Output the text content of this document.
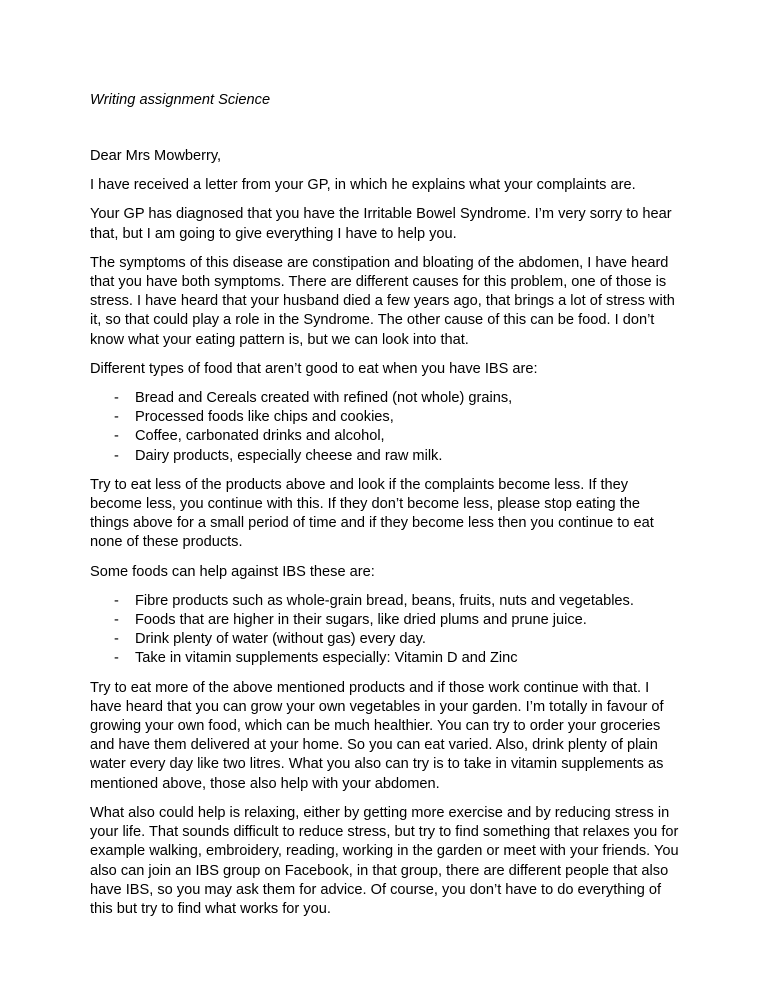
Writing assignment Science

Dear Mrs Mowberry,

I have received a letter from your GP, in which he explains what your complaints are.

Your GP has diagnosed that you have the Irritable Bowel Syndrome. I’m very sorry to hear that, but I am going to give everything I have to help you.

The symptoms of this disease are constipation and bloating of the abdomen, I have heard that you have both symptoms. There are different causes for this problem, one of those is stress. I have heard that your husband died a few years ago, that brings a lot of stress with it, so that could play a role in the Syndrome. The other cause of this can be food. I don’t know what your eating pattern is, but we can look into that.

Different types of food that aren’t good to eat when you have IBS are:

- Bread and Cereals created with refined (not whole) grains,
- Processed foods like chips and cookies,
- Coffee, carbonated drinks and alcohol,
- Dairy products, especially cheese and raw milk.

Try to eat less of the products above and look if the complaints become less. If they become less, you continue with this. If they don’t become less, please stop eating the things above for a small period of time and if they become less then you continue to eat none of these products.

Some foods can help against IBS these are:

- Fibre products such as whole-grain bread, beans, fruits, nuts and vegetables.
- Foods that are higher in their sugars, like dried plums and prune juice.
- Drink plenty of water (without gas) every day.
- Take in vitamin supplements especially: Vitamin D and Zinc

Try to eat more of the above mentioned products and if those work continue with that. I have heard that you can grow your own vegetables in your garden. I’m totally in favour of growing your own food, which can be much healthier. You can try to order your groceries and have them delivered at your home. So you can eat varied. Also, drink plenty of plain water every day like two litres. What you also can try is to take in vitamin supplements as mentioned above, those also help with your abdomen.

What also could help is relaxing, either by getting more exercise and by reducing stress in your life. That sounds difficult to reduce stress, but try to find something that relaxes you for example walking, embroidery, reading, working in the garden or meet with your friends. You also can join an IBS group on Facebook, in that group, there are different people that also have IBS, so you may ask them for advice. Of course, you don’t have to do everything of this but try to find what works for you.
